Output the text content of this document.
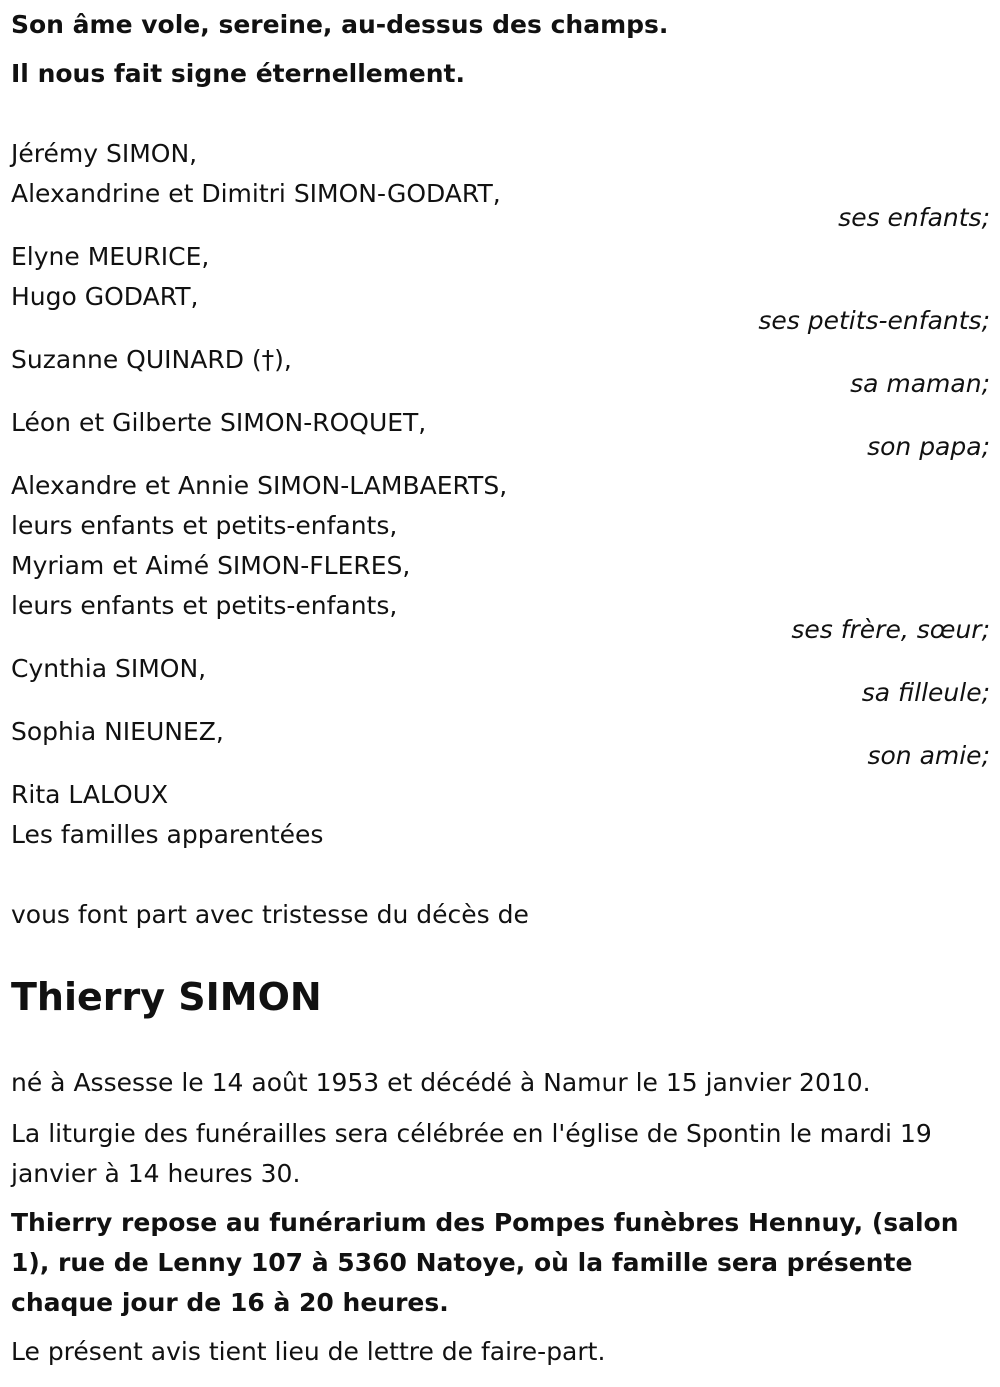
Son âme vole, sereine, au-dessus des champs.
Il nous fait signe éternellement.
Jérémy SIMON,
Alexandrine et Dimitri SIMON-GODART,
ses enfants;
Elyne MEURICE,
Hugo GODART,
ses petits-enfants;
Suzanne QUINARD (†),
sa maman;
Léon et Gilberte SIMON-ROQUET,
son papa;
Alexandre et Annie SIMON-LAMBAERTS,
leurs enfants et petits-enfants,
Myriam et Aimé SIMON-FLERES,
leurs enfants et petits-enfants,
ses frère, sœur;
Cynthia SIMON,
sa filleule;
Sophia NIEUNEZ,
son amie;
Rita LALOUX
Les familles apparentées
vous font part avec tristesse du décès de
Thierry SIMON
né à Assesse le 14 août 1953 et décédé à Namur le 15 janvier 2010.
La liturgie des funérailles sera célébrée en l'église de Spontin le mardi 19 janvier à 14 heures 30.
Thierry repose au funérarium des Pompes funèbres Hennuy, (salon 1), rue de Lenny 107 à 5360 Natoye, où la famille sera présente chaque jour de 16 à 20 heures.
Le présent avis tient lieu de lettre de faire-part.
